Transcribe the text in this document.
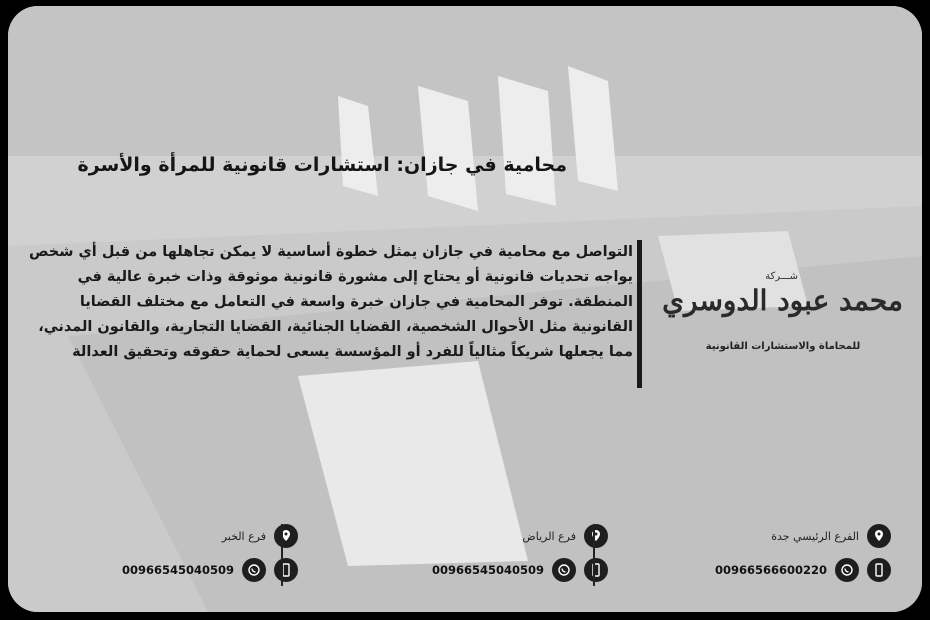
محامية في جازان: استشارات قانونية للمرأة والأسرة
التواصل مع محامية في جازان يمثل خطوة أساسية لا يمكن تجاهلها من قبل أي شخص يواجه تحديات قانونية أو يحتاج إلى مشورة قانونية موثوقة وذات خبرة عالية في المنطقة. توفر المحامية في جازان خبرة واسعة في التعامل مع مختلف القضايا القانونية مثل الأحوال الشخصية، القضايا الجنائية، القضايا التجارية، والقانون المدني، مما يجعلها شريكاً مثالياً للفرد أو المؤسسة يسعى لحماية حقوقه وتحقيق العدالة
شـــركة
محمد عبود الدوسري
للمحاماة والاستشارات القانونية
فرع الخبر
00966545040509
فرع الرياض
00966545040509
الفرع الرئيسي جدة
00966566600220
